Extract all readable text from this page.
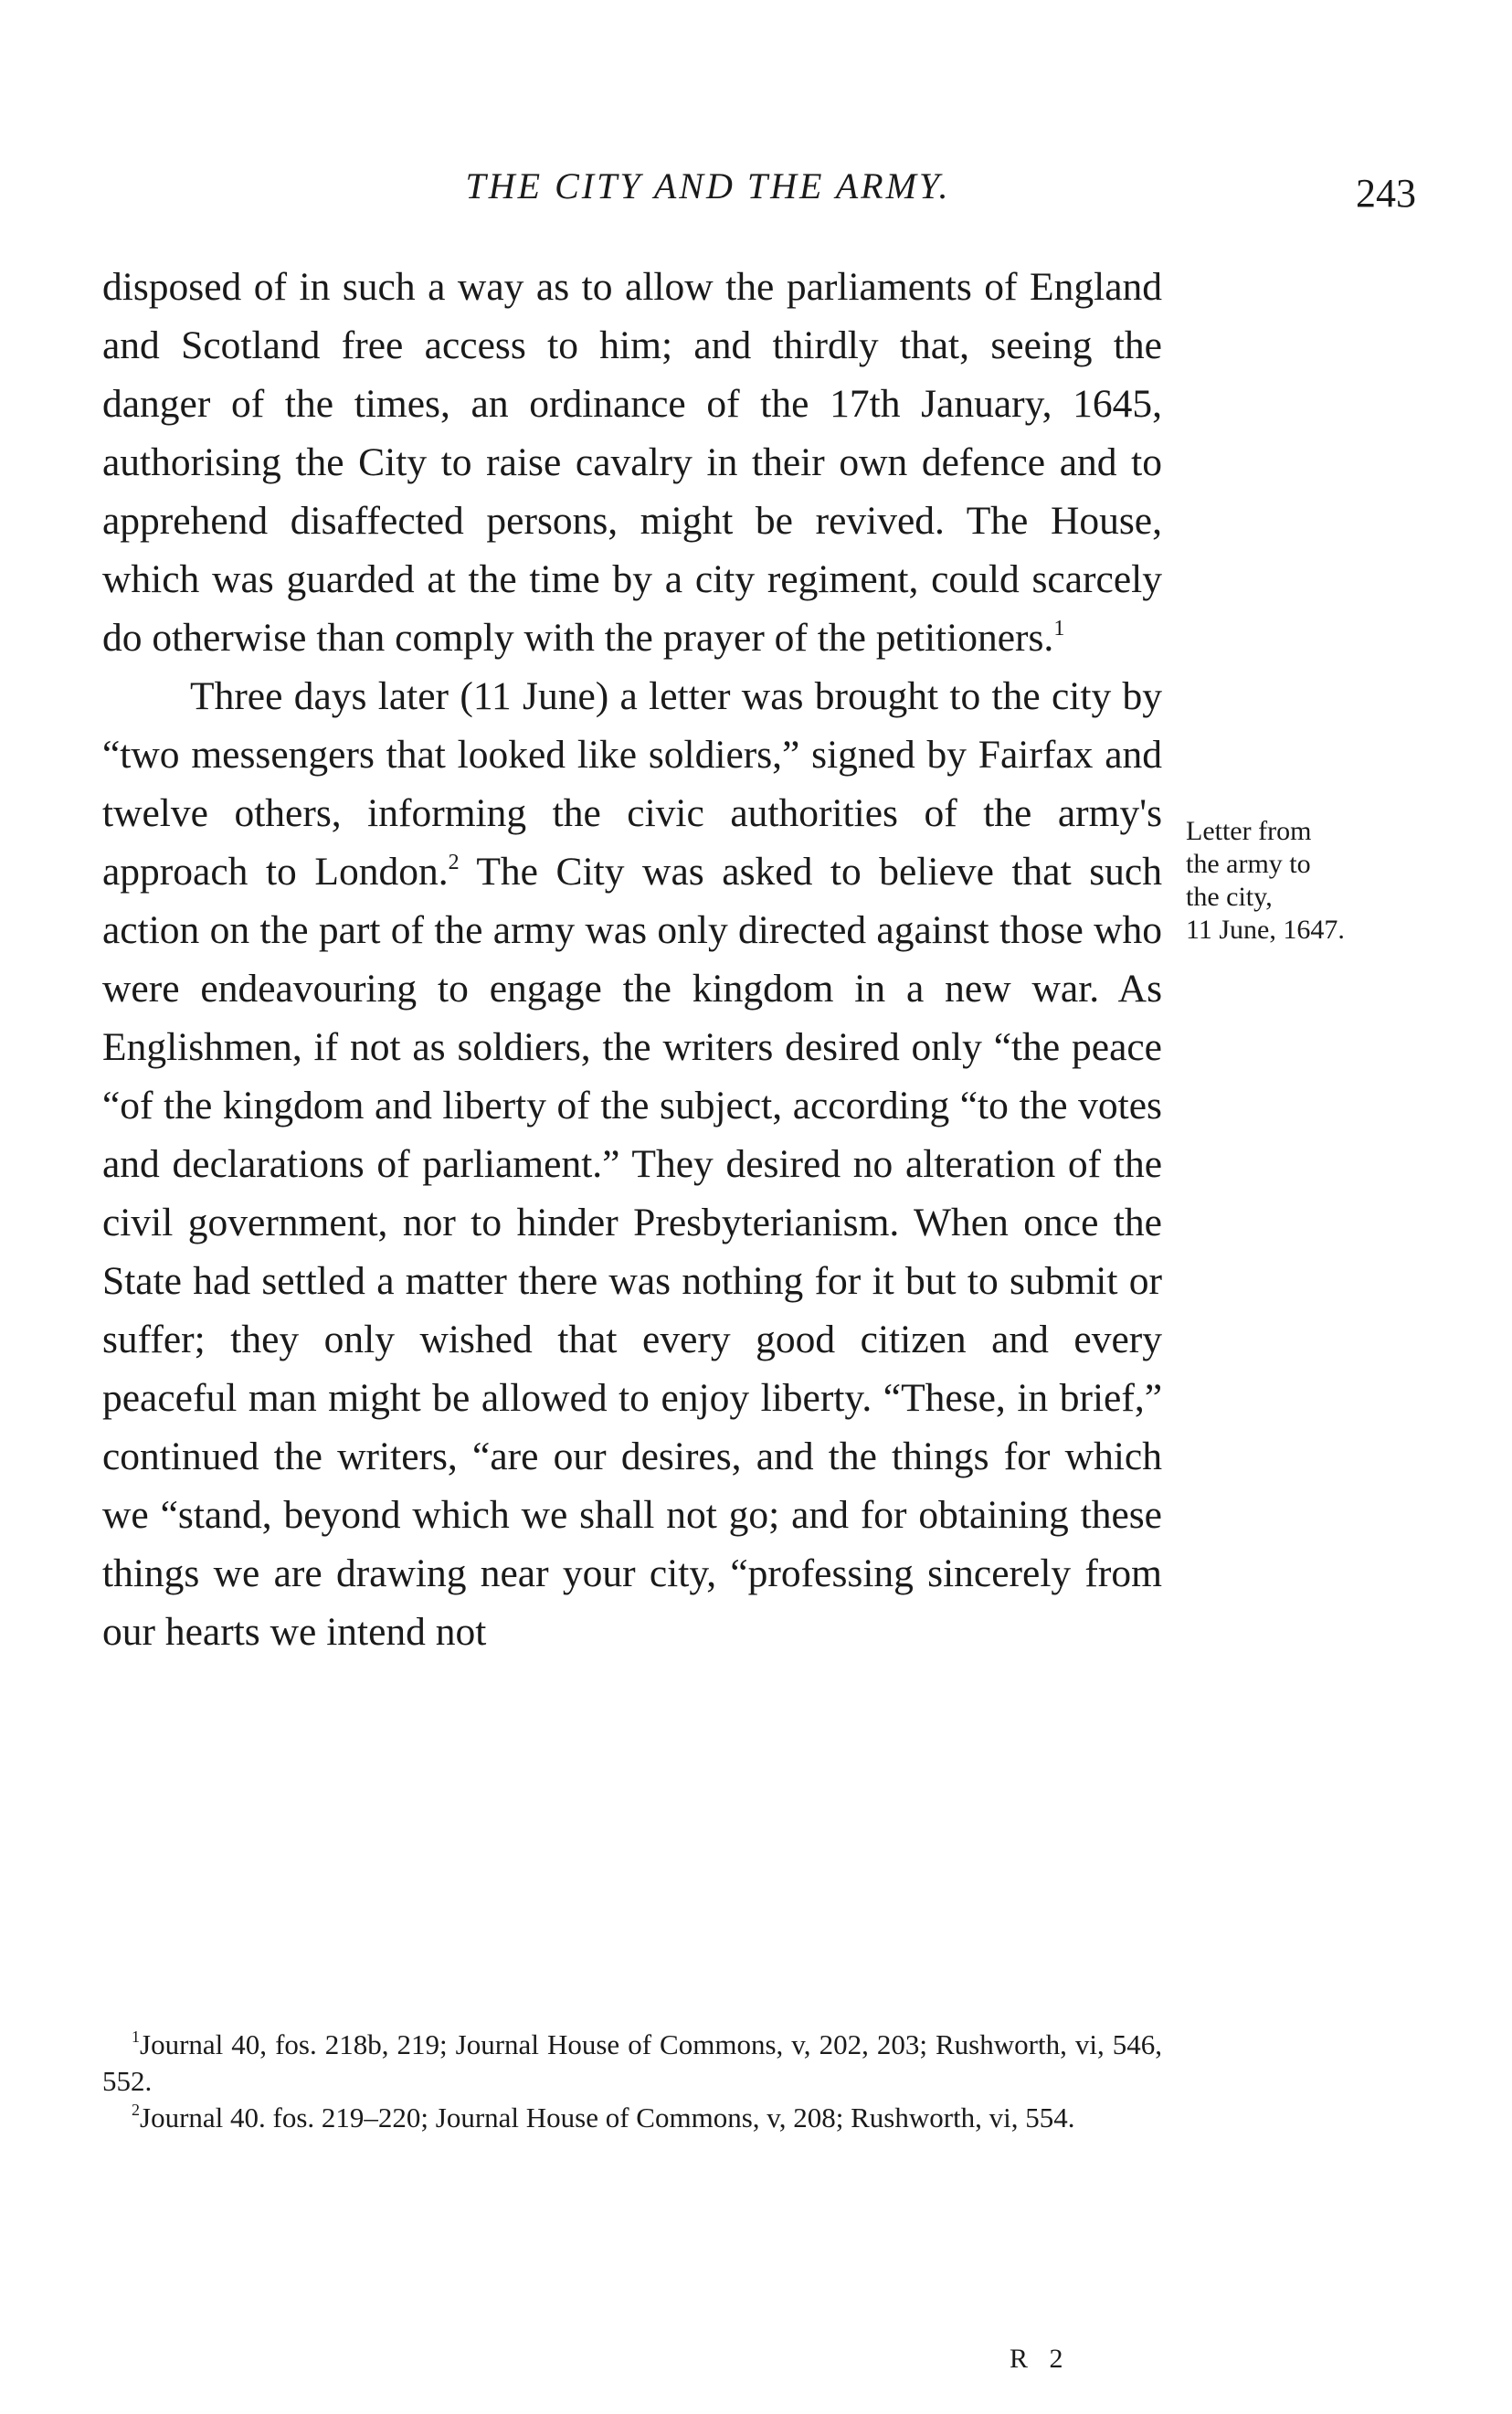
THE CITY AND THE ARMY.	243

disposed of in such a way as to allow the parliaments of England and Scotland free access to him; and thirdly that, seeing the danger of the times, an ordinance of the 17th January, 1645, authorising the City to raise cavalry in their own defence and to apprehend disaffected persons, might be revived. The House, which was guarded at the time by a city regiment, could scarcely do otherwise than comply with the prayer of the petitioners.$^1$

Three days later (11 June) a letter was brought to the city by “two messengers that looked like soldiers,” signed by Fairfax and twelve others, informing the civic authorities of the army's approach to London.$^2$ The City was asked to believe that such action on the part of the army was only directed against those who were endeavouring to engage the kingdom in a new war. As Englishmen, if not as soldiers, the writers desired only “the peace “of the kingdom and liberty of the subject, according “to the votes and declarations of parliament.” They desired no alteration of the civil government, nor to hinder Presbyterianism. When once the State had settled a matter there was nothing for it but to submit or suffer; they only wished that every good citizen and every peaceful man might be allowed to enjoy liberty. “These, in brief,” continued the writers, “are our desires, and the things for which we “stand, beyond which we shall not go; and for obtaining these things we are drawing near your city, “professing sincerely from our hearts we intend not

Letter from
the army to
the city,
11 June, 1647.

$^1$Journal 40, fos. 218b, 219; Journal House of Commons, v, 202, 203; Rushworth, vi, 546, 552.

$^2$Journal 40. fos. 219–220; Journal House of Commons, v, 208; Rushworth, vi, 554.

R 2
